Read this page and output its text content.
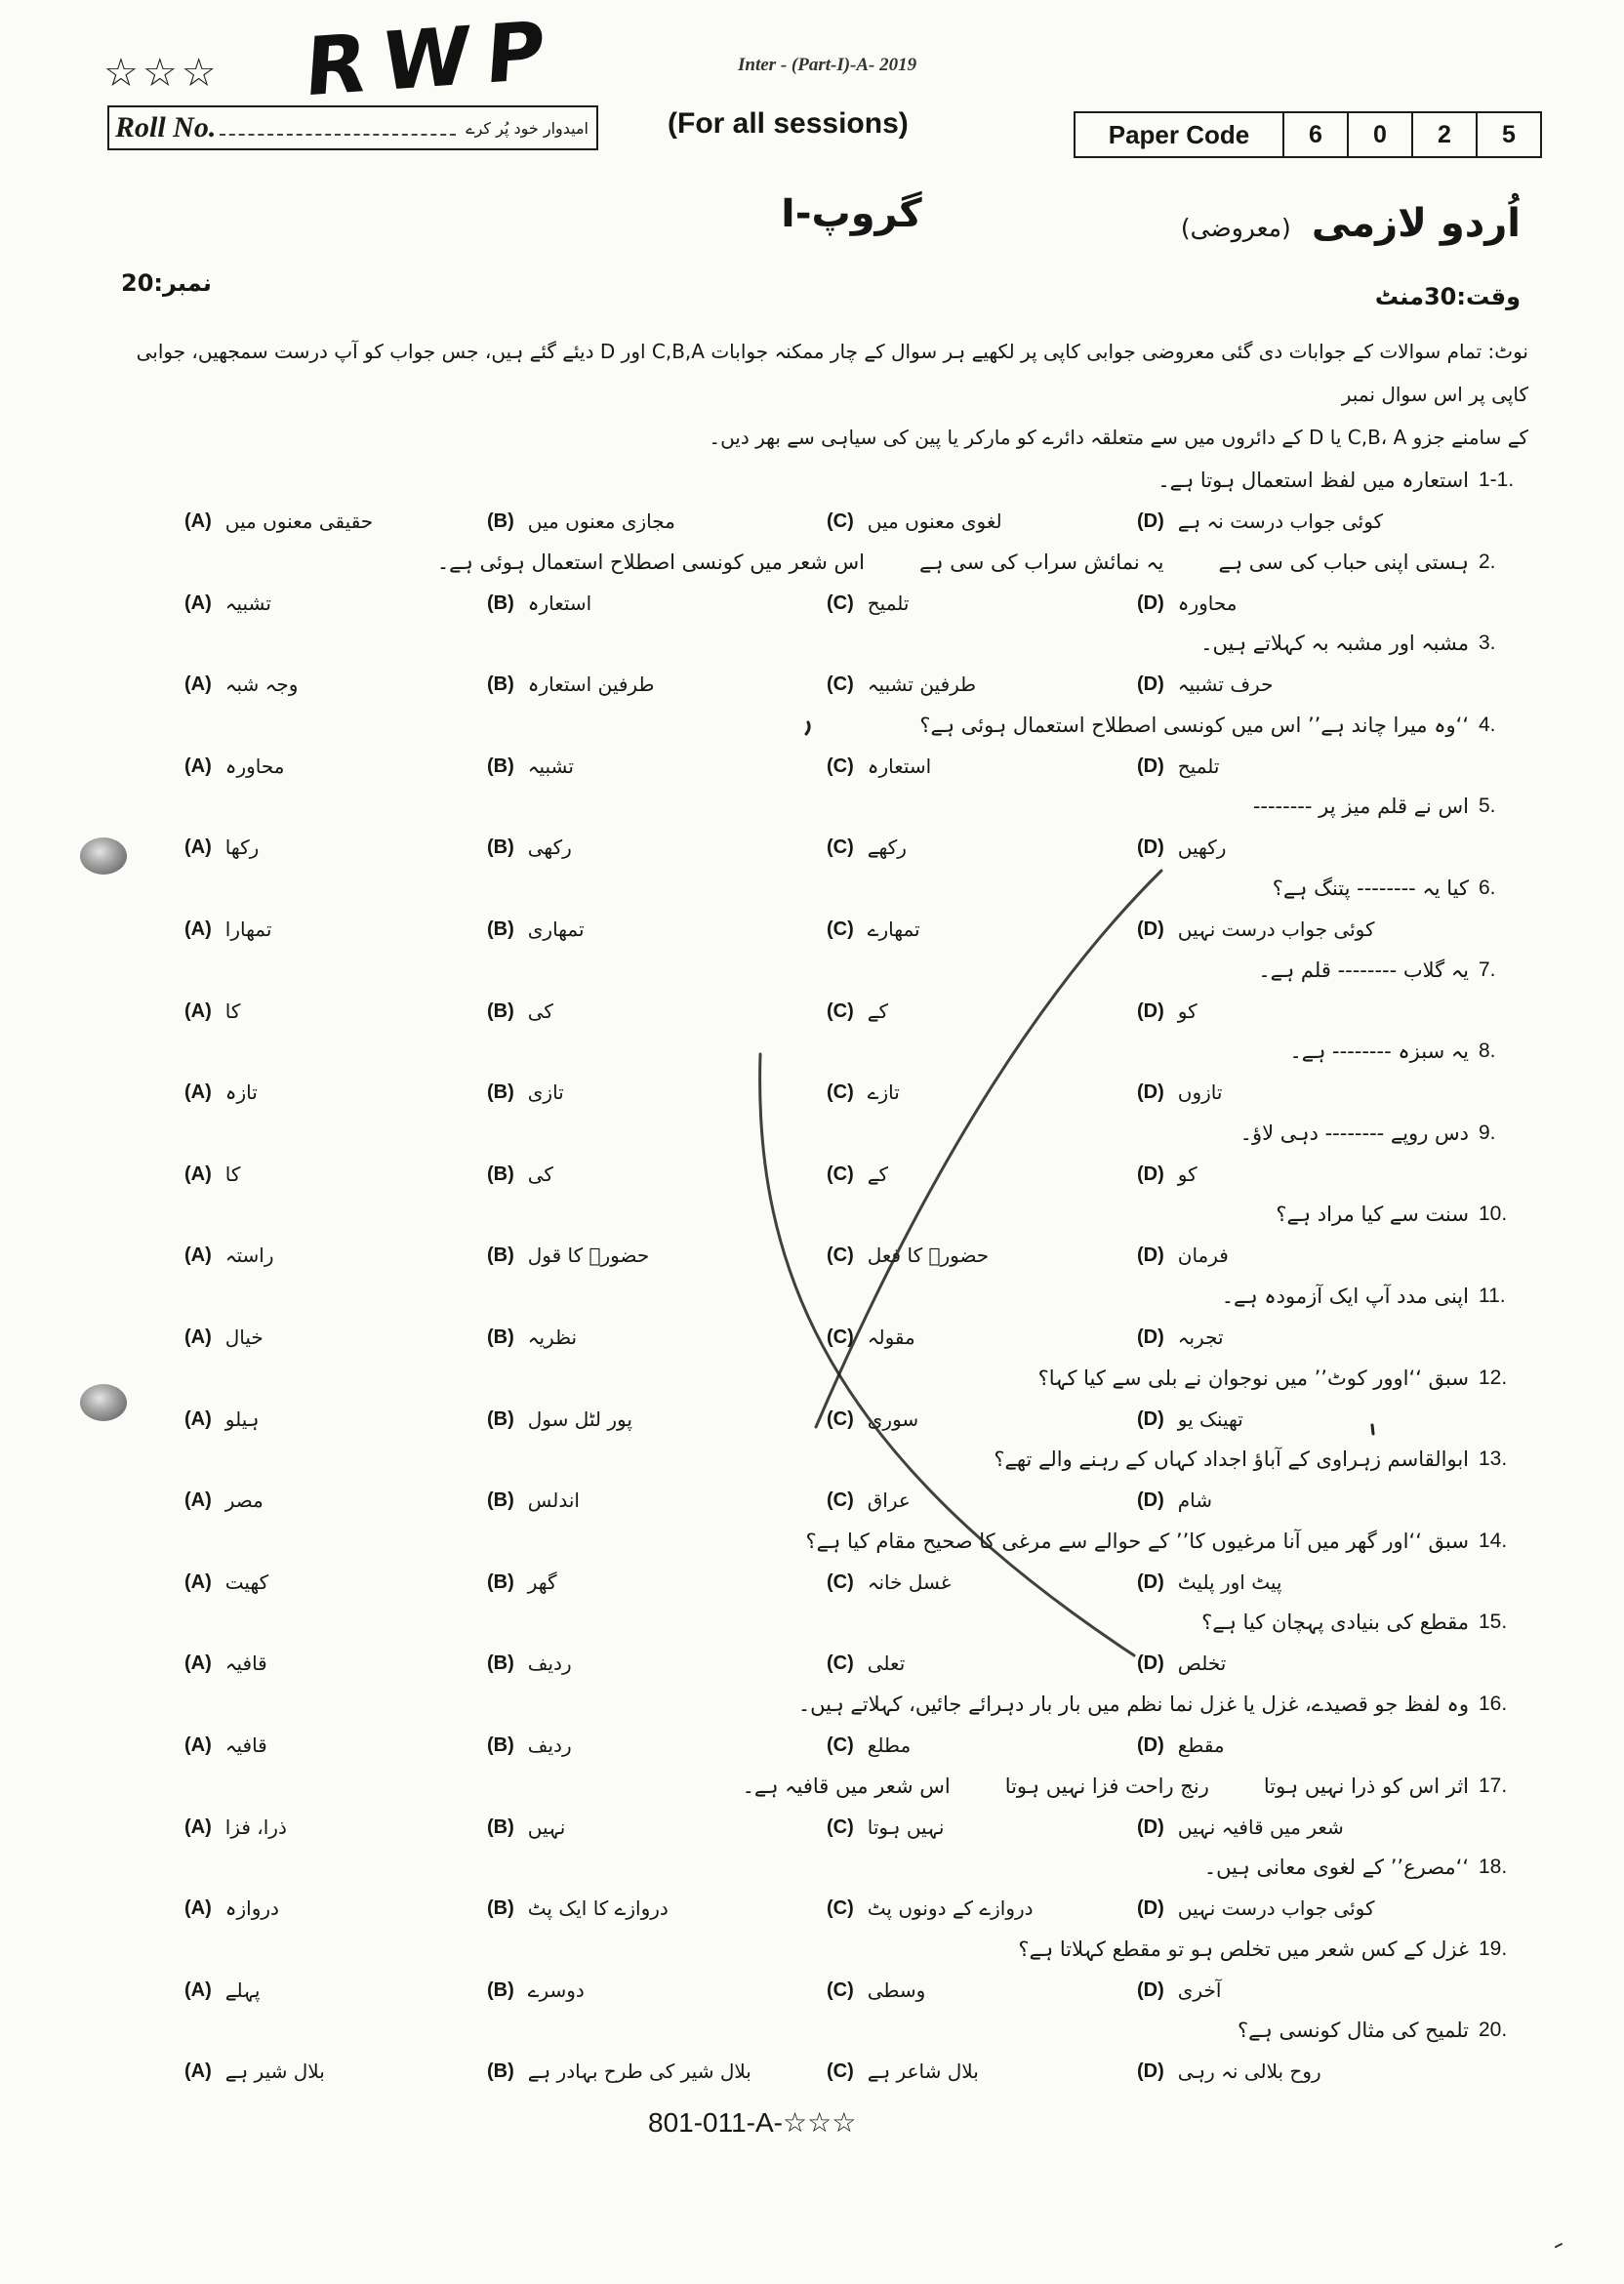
☆☆☆ RWP	Inter - (Part-I)-A- 2019
Roll No.	امیدوار خود پُر کرے	(For all sessions)	Paper Code	6	0	2	5
گروپ-I	اُردو لازمی (معروضی)
نمبر:20	وقت:30منٹ

نوٹ: تمام سوالات کے جوابات دی گئی معروضی جوابی کاپی پر لکھیے ہر سوال کے چار ممکنہ جوابات C,B,A اور D دیئے گئے ہیں، جس جواب کو آپ درست سمجھیں، جوابی کاپی پر اس سوال نمبر
کے سامنے جزو C,B، A یا D کے دائروں میں سے متعلقہ دائرے کو مارکر یا پین کی سیاہی سے بھر دیں۔

1-1.
استعارہ میں لفظ استعمال ہوتا ہے۔
(A) حقیقی معنوں میں	(B) مجازی معنوں میں	(C) لغوی معنوں میں	(D) کوئی جواب درست نہ ہے
2.
ہستی اپنی حباب کی سی ہےیہ نمائش سراب کی سی ہےاس شعر میں کونسی اصطلاح استعمال ہوئی ہے۔
(A) تشبیہ	(B) استعارہ	(C) تلمیح	(D) محاورہ
3.
مشبہ اور مشبہ بہ کہلاتے ہیں۔
(A) وجہ شبہ	(B) طرفین استعارہ	(C) طرفین تشبیہ	(D) حرف تشبیہ
4.
‘‘وہ میرا چاند ہے’’ اس میں کونسی اصطلاح استعمال ہوئی ہے؟
(A) محاورہ	(B) تشبیہ	(C) استعارہ	(D) تلمیح
5.
اس نے قلم میز پر --------
(A) رکھا	(B) رکھی	(C) رکھے	(D) رکھیں
6.
کیا یہ -------- پتنگ ہے؟
(A) تمھارا	(B) تمھاری	(C) تمھارے	(D) کوئی جواب درست نہیں
7.
یہ گلاب -------- قلم ہے۔
(A) کا	(B) کی	(C) کے	(D) کو
8.
یہ سبزہ -------- ہے۔
(A) تازہ	(B) تازی	(C) تازے	(D) تازوں
9.
دس روپے -------- دہی لاؤ۔
(A) کا	(B) کی	(C) کے	(D) کو
10.
سنت سے کیا مراد ہے؟
(A) راستہ	(B) حضورؐ کا قول	(C) حضورؐ کا فعل	(D) فرمان
11.
اپنی مدد آپ ایک آزمودہ ہے۔
(A) خیال	(B) نظریہ	(C) مقولہ	(D) تجربہ
12.
سبق ‘‘اوور کوٹ’’ میں نوجوان نے بلی سے کیا کہا؟
(A) ہیلو	(B) پور لٹل سول	(C) سوری	(D) تھینک یو
13.
ابوالقاسم زہراوی کے آباؤ اجداد کہاں کے رہنے والے تھے؟
(A) مصر	(B) اندلس	(C) عراق	(D) شام
14.
سبق ‘‘اور گھر میں آنا مرغیوں کا’’ کے حوالے سے مرغی کا صحیح مقام کیا ہے؟
(A) کھیت	(B) گھر	(C) غسل خانہ	(D) پیٹ اور پلیٹ
15.
مقطع کی بنیادی پہچان کیا ہے؟
(A) قافیہ	(B) ردیف	(C) تعلی	(D) تخلص
16.
وہ لفظ جو قصیدے، غزل یا غزل نما نظم میں بار بار دہرائے جائیں، کہلاتے ہیں۔
(A) قافیہ	(B) ردیف	(C) مطلع	(D) مقطع
17.
اثر اس کو ذرا نہیں ہوتارنج راحت فزا نہیں ہوتااس شعر میں قافیہ ہے۔
(A) ذرا، فزا	(B) نہیں	(C) نہیں ہوتا	(D) شعر میں قافیہ نہیں
18.
‘‘مصرع’’ کے لغوی معانی ہیں۔
(A) دروازہ	(B) دروازے کا ایک پٹ	(C) دروازے کے دونوں پٹ	(D) کوئی جواب درست نہیں
19.
غزل کے کس شعر میں تخلص ہو تو مقطع کہلاتا ہے؟
(A) پہلے	(B) دوسرے	(C) وسطی	(D) آخری
20.
تلمیح کی مثال کونسی ہے؟
(A) بلال شیر ہے	(B) بلال شیر کی طرح بہادر ہے	(C) بلال شاعر ہے	(D) روح بلالی نہ رہی
801-011-A-☆☆☆
